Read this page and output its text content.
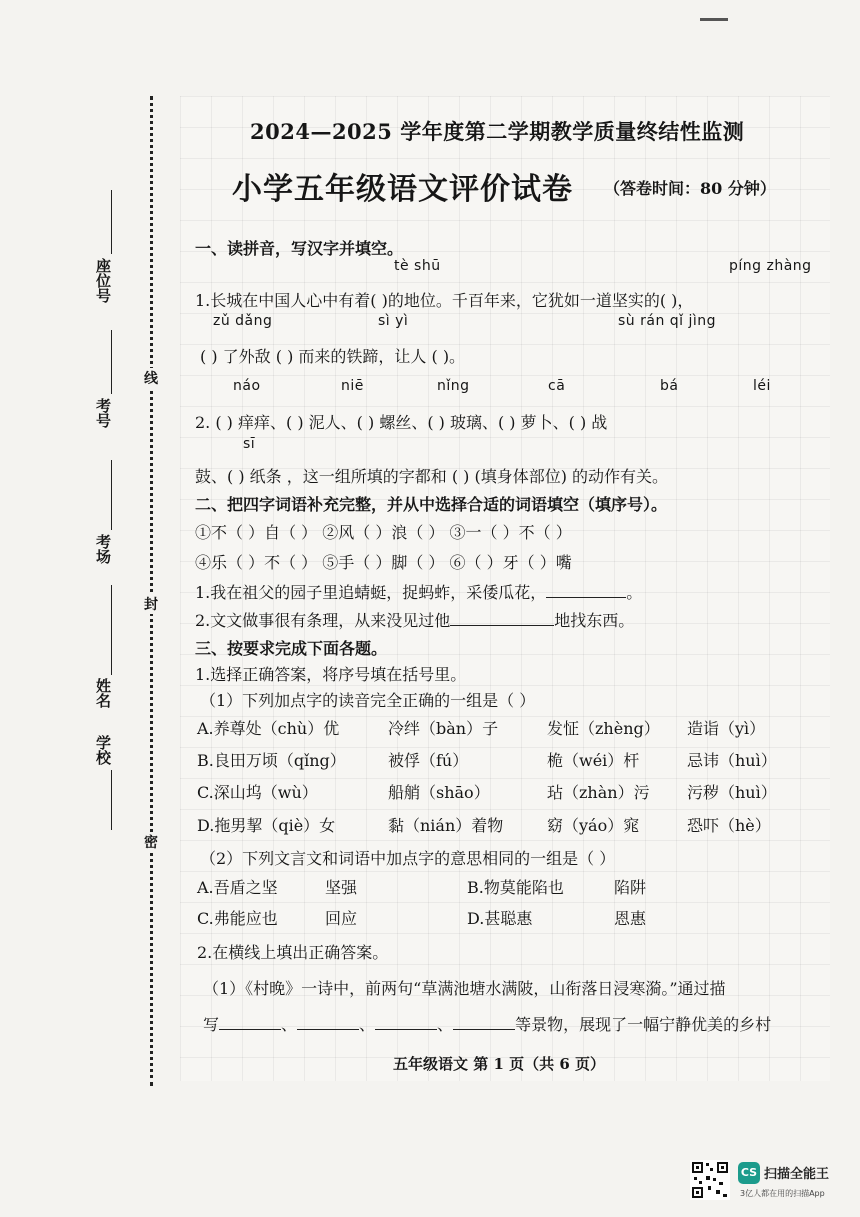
座位号
考号
考场
姓名
学校
线
封
密
2024—2025 学年度第二学期教学质量终结性监测
小学五年级语文评价试卷 （答卷时间：80 分钟）
一、读拼音，写汉字并填空。
tè shū	píng zhàng
1.长城在中国人心中有着( )的地位。千百年来，它犹如一道坚实的( )，
zǔ dǎng	sì yì	sù rán qǐ jìng
( ) 了外敌 ( ) 而来的铁蹄，让人 ( )。
náo	niē	nǐng	cā	bá	léi
2. ( ) 痒痒、( ) 泥人、( ) 螺丝、( ) 玻璃、( ) 萝卜、( ) 战
sī
鼓、( ) 纸条 ，这一组所填的字都和 ( ) (填身体部位) 的动作有关。
二、把四字词语补充完整，并从中选择合适的词语填空（填序号）。
①不（ ）自（ ） ②风（ ）浪（ ） ③一（ ）不（ ）
④乐（ ）不（ ） ⑤手（ ）脚（ ） ⑥（ ）牙（ ）嘴
1.我在祖父的园子里追蜻蜓，捉蚂蚱，采倭瓜花，	。
2.文文做事很有条理，从来没见过他	地找东西。
三、按要求完成下面各题。
1.选择正确答案，将序号填在括号里。
（1）下列加点字的读音完全正确的一组是（ ）
A.养尊处（chù）优	冷绊（bàn）子	发怔（zhèng） 造诣（yì）
B.良田万顷（qǐng）	被俘（fú）	桅（wéi）杆	忌讳（huì）
C.深山坞（wù）	船艄（shāo）	玷（zhàn）污 污秽（huì）
D.拖男挈（qiè）女	黏（nián）着物	窈（yáo）窕	恐吓（hè）
（2）下列文言文和词语中加点字的意思相同的一组是（ ）
A.吾盾之坚	坚强	B.物莫能陷也	陷阱
C.弗能应也	回应	D.甚聪惠	恩惠
2.在横线上填出正确答案。
（1）《村晚》一诗中，前两句“草满池塘水满陂，山衔落日浸寒漪。”通过描
写	、	、	、	等景物，展现了一幅宁静优美的乡村
五年级语文 第 1 页（共 6 页）
CS 扫描全能王
3亿人都在用的扫描App
